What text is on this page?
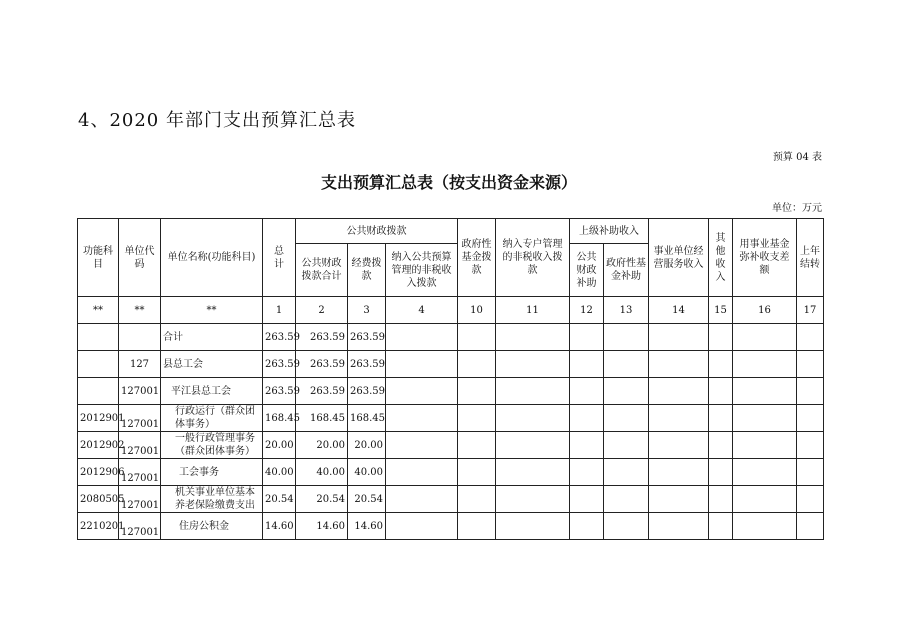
4、2020 年部门支出预算汇总表
预算 04 表
支出预算汇总表（按支出资金来源）
单位：万元
功能科目	单位代码	单位名称(功能科目)	总　计	公共财政拨款			政府性基金拨款	纳入专户管理的非税收入拨款	上级补助收入		事业单位经营服务收入	其他收入	用事业基金弥补收支差额	上年结转
				公共财政拨款合计	经费拨款	纳入公共预算管理的非税收入拨款			公共财政补助	政府性基金补助				
**	**	**	1	2	3	4	10	11	12	13	14	15	16	17
		合计	263.59	263.59	263.59									
	127	县总工会	263.59	263.59	263.59									
	127001	平江县总工会	263.59	263.59	263.59									
2012901	127001	行政运行（群众团体事务）	168.45	168.45	168.45									
2012902	127001	一般行政管理事务（群众团体事务）	20.00	20.00	20.00									
2012906	127001	工会事务	40.00	40.00	40.00									
2080505	127001	机关事业单位基本养老保险缴费支出	20.54	20.54	20.54									
2210201	127001	住房公积金	14.60	14.60	14.60									
